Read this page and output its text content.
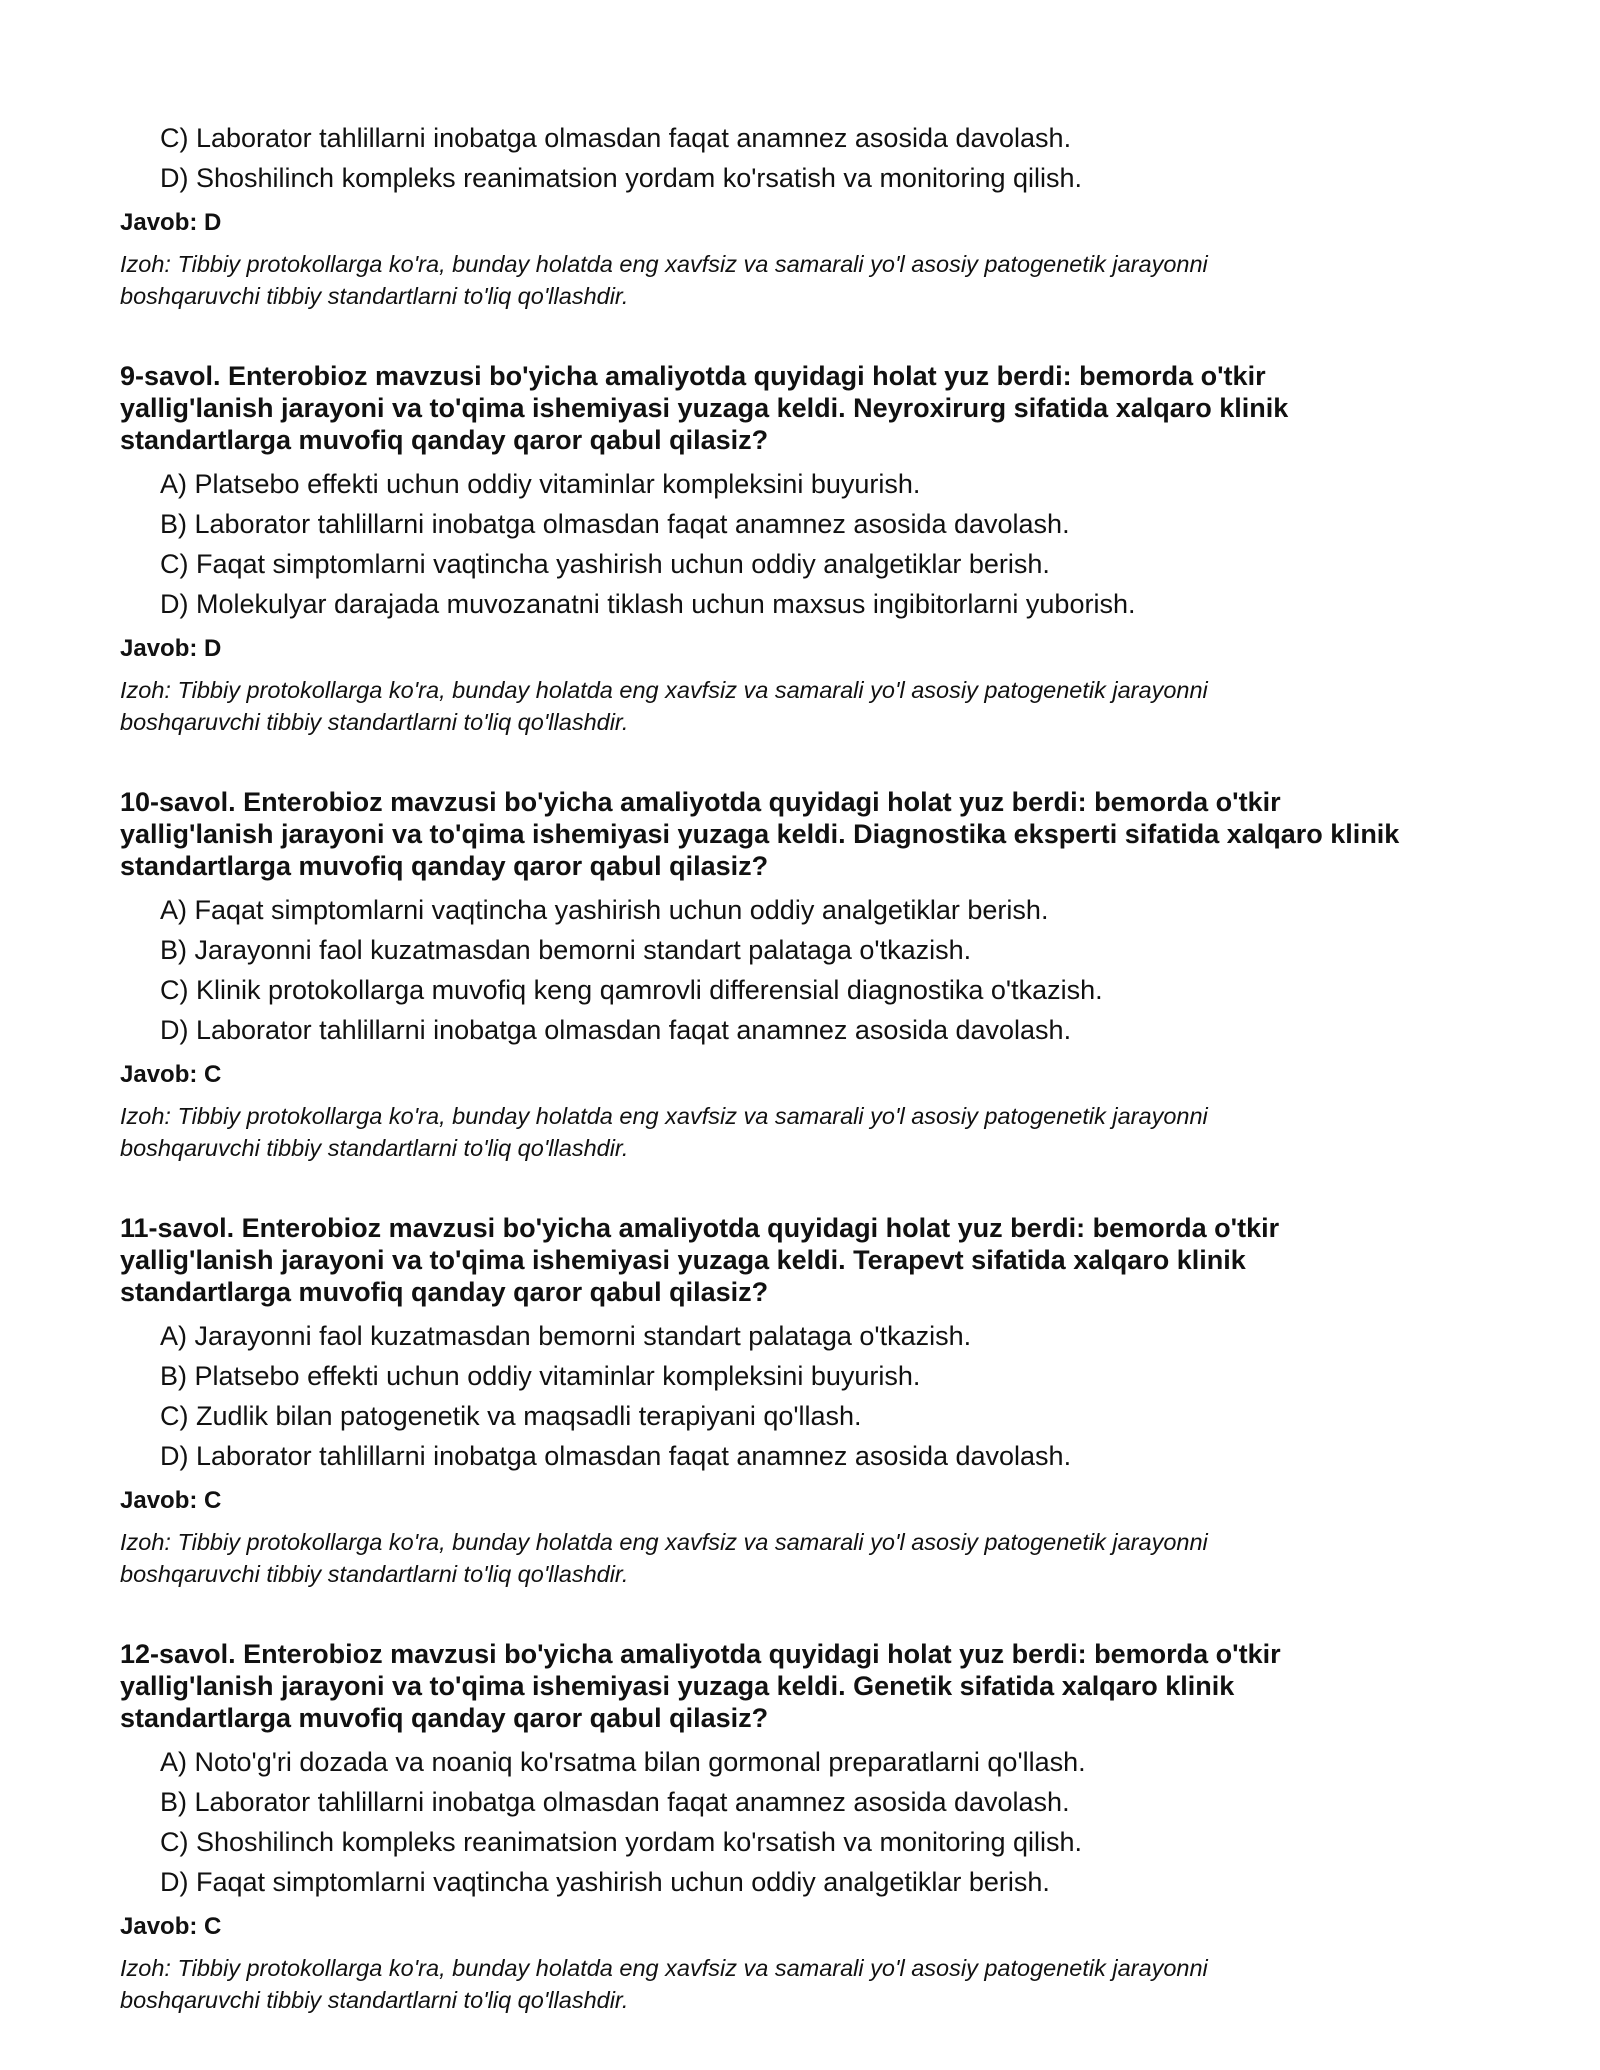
C) Laborator tahlillarni inobatga olmasdan faqat anamnez asosida davolash.
D) Shoshilinch kompleks reanimatsion yordam ko'rsatish va monitoring qilish.
Javob: D
Izoh: Tibbiy protokollarga ko'ra, bunday holatda eng xavfsiz va samarali yo'l asosiy patogenetik jarayonni
boshqaruvchi tibbiy standartlarni to'liq qo'llashdir.
9-savol. Enterobioz mavzusi bo'yicha amaliyotda quyidagi holat yuz berdi: bemorda o'tkir
yallig'lanish jarayoni va to'qima ishemiyasi yuzaga keldi. Neyroxirurg sifatida xalqaro klinik
standartlarga muvofiq qanday qaror qabul qilasiz?
A) Platsebo effekti uchun oddiy vitaminlar kompleksini buyurish.
B) Laborator tahlillarni inobatga olmasdan faqat anamnez asosida davolash.
C) Faqat simptomlarni vaqtincha yashirish uchun oddiy analgetiklar berish.
D) Molekulyar darajada muvozanatni tiklash uchun maxsus ingibitorlarni yuborish.
Javob: D
Izoh: Tibbiy protokollarga ko'ra, bunday holatda eng xavfsiz va samarali yo'l asosiy patogenetik jarayonni
boshqaruvchi tibbiy standartlarni to'liq qo'llashdir.
10-savol. Enterobioz mavzusi bo'yicha amaliyotda quyidagi holat yuz berdi: bemorda o'tkir
yallig'lanish jarayoni va to'qima ishemiyasi yuzaga keldi. Diagnostika eksperti sifatida xalqaro klinik
standartlarga muvofiq qanday qaror qabul qilasiz?
A) Faqat simptomlarni vaqtincha yashirish uchun oddiy analgetiklar berish.
B) Jarayonni faol kuzatmasdan bemorni standart palataga o'tkazish.
C) Klinik protokollarga muvofiq keng qamrovli differensial diagnostika o'tkazish.
D) Laborator tahlillarni inobatga olmasdan faqat anamnez asosida davolash.
Javob: C
Izoh: Tibbiy protokollarga ko'ra, bunday holatda eng xavfsiz va samarali yo'l asosiy patogenetik jarayonni
boshqaruvchi tibbiy standartlarni to'liq qo'llashdir.
11-savol. Enterobioz mavzusi bo'yicha amaliyotda quyidagi holat yuz berdi: bemorda o'tkir
yallig'lanish jarayoni va to'qima ishemiyasi yuzaga keldi. Terapevt sifatida xalqaro klinik
standartlarga muvofiq qanday qaror qabul qilasiz?
A) Jarayonni faol kuzatmasdan bemorni standart palataga o'tkazish.
B) Platsebo effekti uchun oddiy vitaminlar kompleksini buyurish.
C) Zudlik bilan patogenetik va maqsadli terapiyani qo'llash.
D) Laborator tahlillarni inobatga olmasdan faqat anamnez asosida davolash.
Javob: C
Izoh: Tibbiy protokollarga ko'ra, bunday holatda eng xavfsiz va samarali yo'l asosiy patogenetik jarayonni
boshqaruvchi tibbiy standartlarni to'liq qo'llashdir.
12-savol. Enterobioz mavzusi bo'yicha amaliyotda quyidagi holat yuz berdi: bemorda o'tkir
yallig'lanish jarayoni va to'qima ishemiyasi yuzaga keldi. Genetik sifatida xalqaro klinik
standartlarga muvofiq qanday qaror qabul qilasiz?
A) Noto'g'ri dozada va noaniq ko'rsatma bilan gormonal preparatlarni qo'llash.
B) Laborator tahlillarni inobatga olmasdan faqat anamnez asosida davolash.
C) Shoshilinch kompleks reanimatsion yordam ko'rsatish va monitoring qilish.
D) Faqat simptomlarni vaqtincha yashirish uchun oddiy analgetiklar berish.
Javob: C
Izoh: Tibbiy protokollarga ko'ra, bunday holatda eng xavfsiz va samarali yo'l asosiy patogenetik jarayonni
boshqaruvchi tibbiy standartlarni to'liq qo'llashdir.
